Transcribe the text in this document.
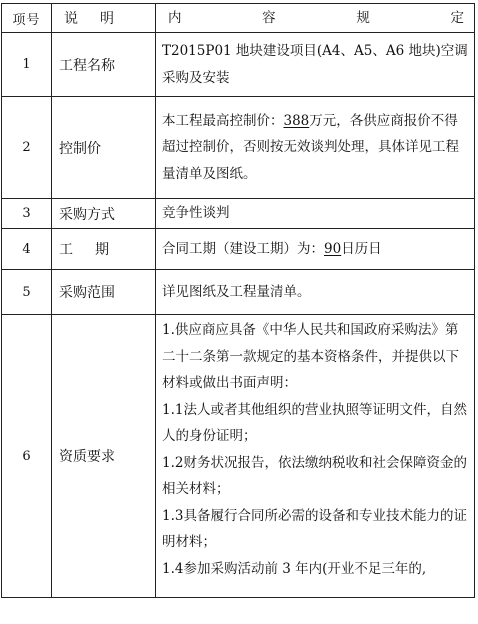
项号	说 明	内 容 规 定

1	工程名称	T2015P01 地块建设项目(A4、A5、A6 地块)空调采购及安装

2	控制价	本工程最高控制价：388万元，各供应商报价不得超过控制价，否则按无效谈判处理，具体详见工程量清单及图纸。

3	采购方式	竞争性谈判
4	工 期	合同工期（建设工期）为：90日历日
5	采购范围	详见图纸及工程量清单。
6	资质要求	1.供应商应具备《中华人民共和国政府采购法》第二十二条第一款规定的基本资格条件，并提供以下材料或做出书面声明：

1.1法人或者其他组织的营业执照等证明文件，自然人的身份证明；

1.2财务状况报告，依法缴纳税收和社会保障资金的相关材料；

1.3具备履行合同所必需的设备和专业技术能力的证明材料；

1.4参加采购活动前 3 年内(开业不足三年的,
